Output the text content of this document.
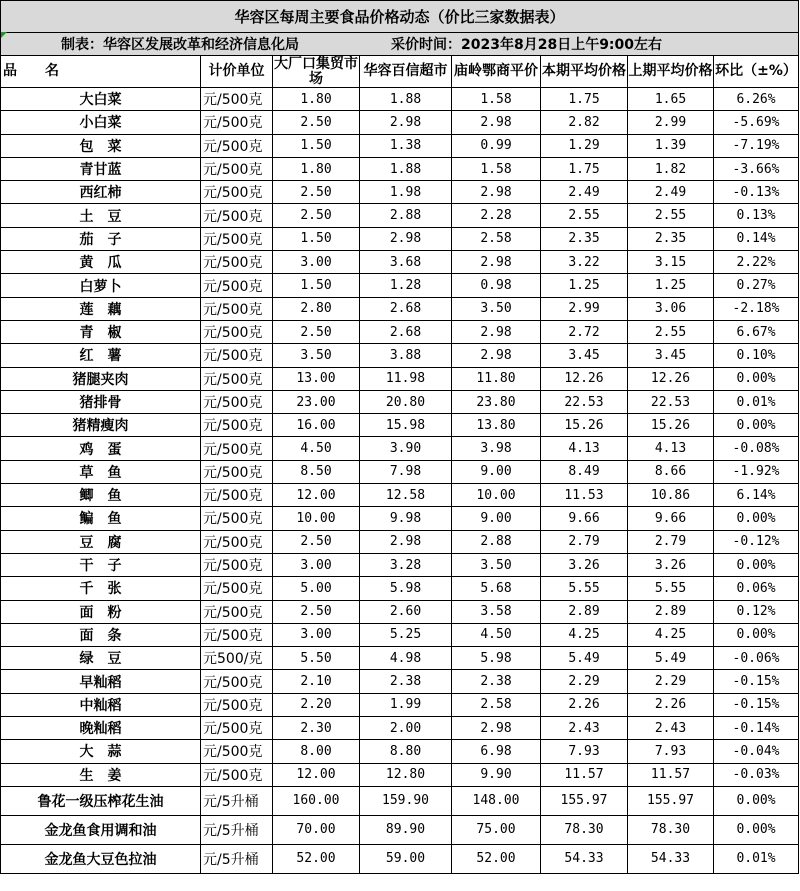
华容区每周主要食品价格动态（价比三家数据表）							
制表：华容区发展改革和经济信息化局 采价时间：2023年8月28日上午9:00左右							
品　　名	计价单位	大厂口集贸市场	华容百信超市	庙岭鄂商平价	本期平均价格	上期平均价格	环比（±%）
大白菜	元/500克	1.80	1.88	1.58	1.75	1.65	6.26%
小白菜	元/500克	2.50	2.98	2.98	2.82	2.99	-5.69%
包　菜	元/500克	1.50	1.38	0.99	1.29	1.39	-7.19%
青甘蓝	元/500克	1.80	1.88	1.58	1.75	1.82	-3.66%
西红柿	元/500克	2.50	1.98	2.98	2.49	2.49	-0.13%
土　豆	元/500克	2.50	2.88	2.28	2.55	2.55	0.13%
茄　子	元/500克	1.50	2.98	2.58	2.35	2.35	0.14%
黄　瓜	元/500克	3.00	3.68	2.98	3.22	3.15	2.22%
白萝卜	元/500克	1.50	1.28	0.98	1.25	1.25	0.27%
莲　藕	元/500克	2.80	2.68	3.50	2.99	3.06	-2.18%
青　椒	元/500克	2.50	2.68	2.98	2.72	2.55	6.67%
红　薯	元/500克	3.50	3.88	2.98	3.45	3.45	0.10%
猪腿夹肉	元/500克	13.00	11.98	11.80	12.26	12.26	0.00%
猪排骨	元/500克	23.00	20.80	23.80	22.53	22.53	0.01%
猪精瘦肉	元/500克	16.00	15.98	13.80	15.26	15.26	0.00%
鸡　蛋	元/500克	4.50	3.90	3.98	4.13	4.13	-0.08%
草　鱼	元/500克	8.50	7.98	9.00	8.49	8.66	-1.92%
鲫　鱼	元/500克	12.00	12.58	10.00	11.53	10.86	6.14%
鳊　鱼	元/500克	10.00	9.98	9.00	9.66	9.66	0.00%
豆　腐	元/500克	2.50	2.98	2.88	2.79	2.79	-0.12%
干　子	元/500克	3.00	3.28	3.50	3.26	3.26	0.00%
千　张	元/500克	5.00	5.98	5.68	5.55	5.55	0.06%
面　粉	元/500克	2.50	2.60	3.58	2.89	2.89	0.12%
面　条	元/500克	3.00	5.25	4.50	4.25	4.25	0.00%
绿　豆	元500/克	5.50	4.98	5.98	5.49	5.49	-0.06%
早籼稻	元/500克	2.10	2.38	2.38	2.29	2.29	-0.15%
中籼稻	元/500克	2.20	1.99	2.58	2.26	2.26	-0.15%
晚籼稻	元/500克	2.30	2.00	2.98	2.43	2.43	-0.14%
大　蒜	元/500克	8.00	8.80	6.98	7.93	7.93	-0.04%
生　姜	元/500克	12.00	12.80	9.90	11.57	11.57	-0.03%
鲁花一级压榨花生油	元/5升桶	160.00	159.90	148.00	155.97	155.97	0.00%
金龙鱼食用调和油	元/5升桶	70.00	89.90	75.00	78.30	78.30	0.00%
金龙鱼大豆色拉油	元/5升桶	52.00	59.00	52.00	54.33	54.33	0.01%
